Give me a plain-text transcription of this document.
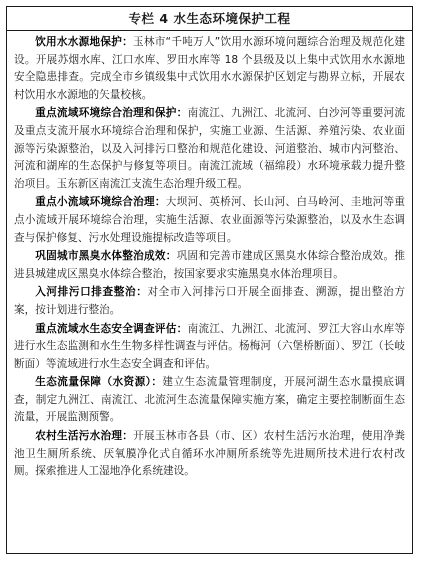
专栏 4 水生态环境保护工程

饮用水水源地保护：玉林市“千吨万人”饮用水源环境问题综合治理及规范化建设。开展苏烟水库、江口水库、罗田水库等 18 个县级及以上集中式饮用水水源地安全隐患排查。完成全市乡镇级集中式饮用水水源保护区划定与勘界立标，开展农村饮用水水源地的矢量校核。

重点流域环境综合治理和保护：南流江、九洲江、北流河、白沙河等重要河流及重点支流开展水环境综合治理和保护，实施工业源、生活源、养殖污染、农业面源等污染源整治，以及入河排污口整治和规范化建设、河道整治、城市内河整治、河流和湖库的生态保护与修复等项目。南流江流域（福绵段）水环境承载力提升整治项目。玉东新区南流江支流生态治理升级工程。

重点小流域环境综合治理：大坝河、英桥河、长山河、白马岭河、圭地河等重点小流域开展环境综合治理，实施生活源、农业面源等污染源整治，以及水生态调查与保护修复、污水处理设施提标改造等项目。

巩固城市黑臭水体整治成效：巩固和完善市建成区黑臭水体综合整治成效。推进县城建成区黑臭水体综合整治，按国家要求实施黑臭水体治理项目。

入河排污口排查整治：对全市入河排污口开展全面排查、溯源，提出整治方案，按计划进行整治。

重点流域水生态安全调查评估：南流江、九洲江、北流河、罗江大容山水库等进行水生态监测和水生生物多样性调查与评估。杨梅河（六堡桥断面）、罗江（长岐断面）等流域进行水生态安全调查和评估。

生态流量保障（水资源）：建立生态流量管理制度，开展河湖生态水量摸底调查，制定九洲江、南流江、北流河生态流量保障实施方案，确定主要控制断面生态流量，开展监测预警。

农村生活污水治理：开展玉林市各县（市、区）农村生活污水治理，使用净粪池卫生厕所系统、厌氧膜净化式自循环水冲厕所系统等先进厕所技术进行农村改厕。探索推进人工湿地净化系统建设。
